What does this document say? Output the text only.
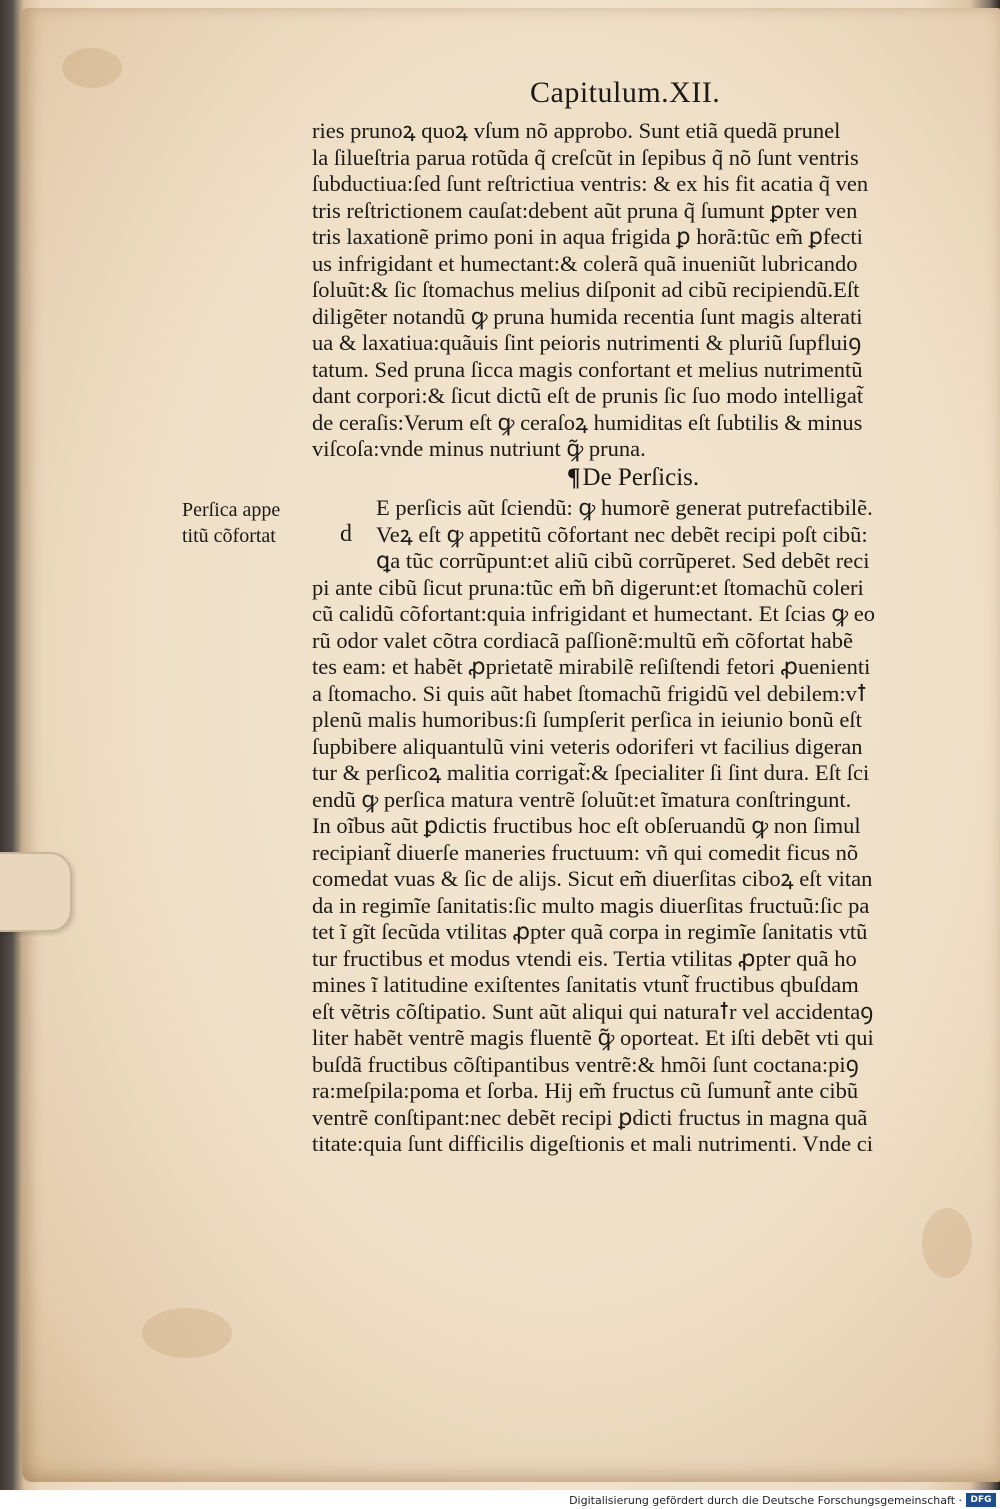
Capitulum.XII.
ries prunoꝝ quoꝝ vſum nõ approbo. Sunt etiã quedã prunel
la ſilueſtria parua rotũda q̃ creſcũt in ſepibus q̃ nõ ſunt ventris
ſubductiua:ſed ſunt reſtrictiua ventris: & ex his fit acatia q̃ ven
tris reſtrictionem cauſat:debent aũt pruna q̃ ſumunt ꝑpter ven
tris laxationẽ primo poni in aqua frigida ꝑ horã:tũc em̃ ꝑfecti
us infrigidant et humectant:& colerã quã inueniũt lubricando
ſoluũt:& ſic ſtomachus melius diſponit ad cibũ recipiendũ.Eſt
diligẽter notandũ ꝙ pruna humida recentia ſunt magis alterati
ua & laxatiua:quãuis ſint peioris nutrimenti & pluriũ ſupfluiꝯ
tatum. Sed pruna ſicca magis confortant et melius nutrimentũ
dant corpori:& ſicut dictũ eſt de prunis ſic ſuo modo intelligat̃
de ceraſis:Verum eſt ꝙ ceraſoꝝ humiditas eſt ſubtilis & minus
viſcoſa:vnde minus nutriunt ꝙ̃ pruna.
¶De Perſicis.
Perſica appe
titũ cõfortat	d
E perſicis aũt ſciendũ: ꝙ humorẽ generat putrefactibilẽ.
Veꝝ eſt ꝙ appetitũ cõfortant nec debẽt recipi poſt cibũ:
ꝗa tũc corrũpunt:et aliũ cibũ corrũperet. Sed debẽt reci
pi ante cibũ ſicut pruna:tũc em̃ bñ digerunt:et ſtomachũ coleri
cũ calidũ cõfortant:quia infrigidant et humectant. Et ſcias ꝙ eo
rũ odor valet cõtra cordiacã paſſionẽ:multũ em̃ cõfortat habẽ
tes eam: et habẽt ꝓprietatẽ mirabilẽ reſiſtendi fetori ꝓuenienti
a ſtomacho. Si quis aũt habet ſtomachũ frigidũ vel debilem:vꝉ
plenũ malis humoribus:ſi ſumpſerit perſica in ieiunio bonũ eſt
ſupbibere aliquantulũ vini veteris odoriferi vt facilius digeran
tur & perſicoꝝ malitia corrigat̃:& ſpecialiter ſi ſint dura. Eſt ſci
endũ ꝙ perſica matura ventrẽ ſoluũt:et ĩmatura conſtringunt.
In oĩbus aũt ꝑdictis fructibus hoc eſt obſeruandũ ꝙ non ſimul
recipiant̃ diuerſe maneries fructuum: vñ qui comedit ficus nõ
comedat vuas & ſic de alijs. Sicut em̃ diuerſitas ciboꝝ eſt vitan
da in regimĩe ſanitatis:ſic multo magis diuerſitas fructuũ:ſic pa
tet ĩ gĩt ſecũda vtilitas ꝓpter quã corpa in regimĩe ſanitatis vtũ
tur fructibus et modus vtendi eis. Tertia vtilitas ꝓpter quã ho
mines ĩ latitudine exiſtentes ſanitatis vtunt̃ fructibus qbuſdam
eſt vẽtris cõſtipatio. Sunt aũt aliqui qui naturaꝉr vel accidentaꝯ
liter habẽt ventrẽ magis fluentẽ ꝙ̃ oporteat. Et iſti debẽt vti qui
buſdã fructibus cõſtipantibus ventrẽ:& hmõi ſunt coctana:piꝯ
ra:meſpila:poma et ſorba. Hij em̃ fructus cũ ſumunt̃ ante cibũ
ventrẽ conſtipant:nec debẽt recipi ꝑdicti fructus in magna quã
titate:quia ſunt difficilis digeſtionis et mali nutrimenti. Vnde ci
Digitalisierung gefördert durch die Deutsche Forschungsgemeinschaft · DFG
